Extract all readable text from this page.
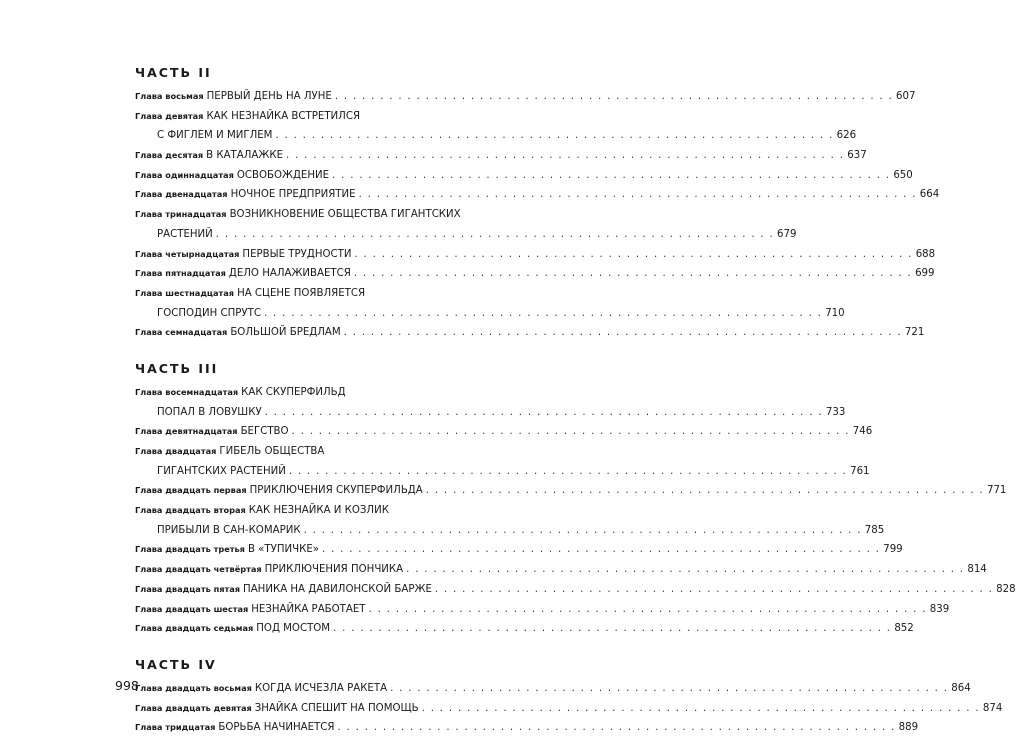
ЧАСТЬ II
Глава восьмая ПЕРВЫЙ ДЕНЬ НА ЛУНЕ . . . . . . . . . . . . . . . . . . . . . . . . . . . . . . . . . . . . . . . . . . . . . . . . . . . . . . . . . . . . . . 607
Глава девятая КАК НЕЗНАЙКА ВСТРЕТИЛСЯ
С ФИГЛЕМ И МИГЛЕМ . . . . . . . . . . . . . . . . . . . . . . . . . . . . . . . . . . . . . . . . . . . . . . . . . . . . . . . . . . . . . . 626
Глава десятая В КАТАЛАЖКЕ . . . . . . . . . . . . . . . . . . . . . . . . . . . . . . . . . . . . . . . . . . . . . . . . . . . . . . . . . . . . . . 637
Глава одиннадцатая ОСВОБОЖДЕНИЕ . . . . . . . . . . . . . . . . . . . . . . . . . . . . . . . . . . . . . . . . . . . . . . . . . . . . . . . . . . . . . . 650
Глава двенадцатая НОЧНОЕ ПРЕДПРИЯТИЕ . . . . . . . . . . . . . . . . . . . . . . . . . . . . . . . . . . . . . . . . . . . . . . . . . . . . . . . . . . . . . . 664
Глава тринадцатая ВОЗНИКНОВЕНИЕ ОБЩЕСТВА ГИГАНТСКИХ
РАСТЕНИЙ . . . . . . . . . . . . . . . . . . . . . . . . . . . . . . . . . . . . . . . . . . . . . . . . . . . . . . . . . . . . . . 679
Глава четырнадцатая ПЕРВЫЕ ТРУДНОСТИ . . . . . . . . . . . . . . . . . . . . . . . . . . . . . . . . . . . . . . . . . . . . . . . . . . . . . . . . . . . . . . 688
Глава пятнадцатая ДЕЛО НАЛАЖИВАЕТСЯ . . . . . . . . . . . . . . . . . . . . . . . . . . . . . . . . . . . . . . . . . . . . . . . . . . . . . . . . . . . . . . 699
Глава шестнадцатая НА СЦЕНЕ ПОЯВЛЯЕТСЯ
ГОСПОДИН СПРУТС . . . . . . . . . . . . . . . . . . . . . . . . . . . . . . . . . . . . . . . . . . . . . . . . . . . . . . . . . . . . . . 710
Глава семнадцатая БОЛЬШОЙ БРЕДЛАМ . . . . . . . . . . . . . . . . . . . . . . . . . . . . . . . . . . . . . . . . . . . . . . . . . . . . . . . . . . . . . . 721
ЧАСТЬ III
Глава восемнадцатая КАК СКУПЕРФИЛЬД
ПОПАЛ В ЛОВУШКУ . . . . . . . . . . . . . . . . . . . . . . . . . . . . . . . . . . . . . . . . . . . . . . . . . . . . . . . . . . . . . . 733
Глава девятнадцатая БЕГСТВО . . . . . . . . . . . . . . . . . . . . . . . . . . . . . . . . . . . . . . . . . . . . . . . . . . . . . . . . . . . . . . 746
Глава двадцатая ГИБЕЛЬ ОБЩЕСТВА
ГИГАНТСКИХ РАСТЕНИЙ . . . . . . . . . . . . . . . . . . . . . . . . . . . . . . . . . . . . . . . . . . . . . . . . . . . . . . . . . . . . . . 761
Глава двадцать первая ПРИКЛЮЧЕНИЯ СКУПЕРФИЛЬДА . . . . . . . . . . . . . . . . . . . . . . . . . . . . . . . . . . . . . . . . . . . . . . . . . . . . . . . . . . . . . . 771
Глава двадцать вторая КАК НЕЗНАЙКА И КОЗЛИК
ПРИБЫЛИ В САН-КОМАРИК . . . . . . . . . . . . . . . . . . . . . . . . . . . . . . . . . . . . . . . . . . . . . . . . . . . . . . . . . . . . . . 785
Глава двадцать третья В «ТУПИЧКЕ» . . . . . . . . . . . . . . . . . . . . . . . . . . . . . . . . . . . . . . . . . . . . . . . . . . . . . . . . . . . . . . 799
Глава двадцать четвёртая ПРИКЛЮЧЕНИЯ ПОНЧИКА . . . . . . . . . . . . . . . . . . . . . . . . . . . . . . . . . . . . . . . . . . . . . . . . . . . . . . . . . . . . . . 814
Глава двадцать пятая ПАНИКА НА ДАВИЛОНСКОЙ БАРЖЕ . . . . . . . . . . . . . . . . . . . . . . . . . . . . . . . . . . . . . . . . . . . . . . . . . . . . . . . . . . . . . . 828
Глава двадцать шестая НЕЗНАЙКА РАБОТАЕТ . . . . . . . . . . . . . . . . . . . . . . . . . . . . . . . . . . . . . . . . . . . . . . . . . . . . . . . . . . . . . . 839
Глава двадцать седьмая ПОД МОСТОМ . . . . . . . . . . . . . . . . . . . . . . . . . . . . . . . . . . . . . . . . . . . . . . . . . . . . . . . . . . . . . . 852
ЧАСТЬ IV
Глава двадцать восьмая КОГДА ИСЧЕЗЛА РАКЕТА . . . . . . . . . . . . . . . . . . . . . . . . . . . . . . . . . . . . . . . . . . . . . . . . . . . . . . . . . . . . . . 864
Глава двадцать девятая ЗНАЙКА СПЕШИТ НА ПОМОЩЬ . . . . . . . . . . . . . . . . . . . . . . . . . . . . . . . . . . . . . . . . . . . . . . . . . . . . . . . . . . . . . . 874
Глава тридцатая БОРЬБА НАЧИНАЕТСЯ . . . . . . . . . . . . . . . . . . . . . . . . . . . . . . . . . . . . . . . . . . . . . . . . . . . . . . . . . . . . . . 889
998
